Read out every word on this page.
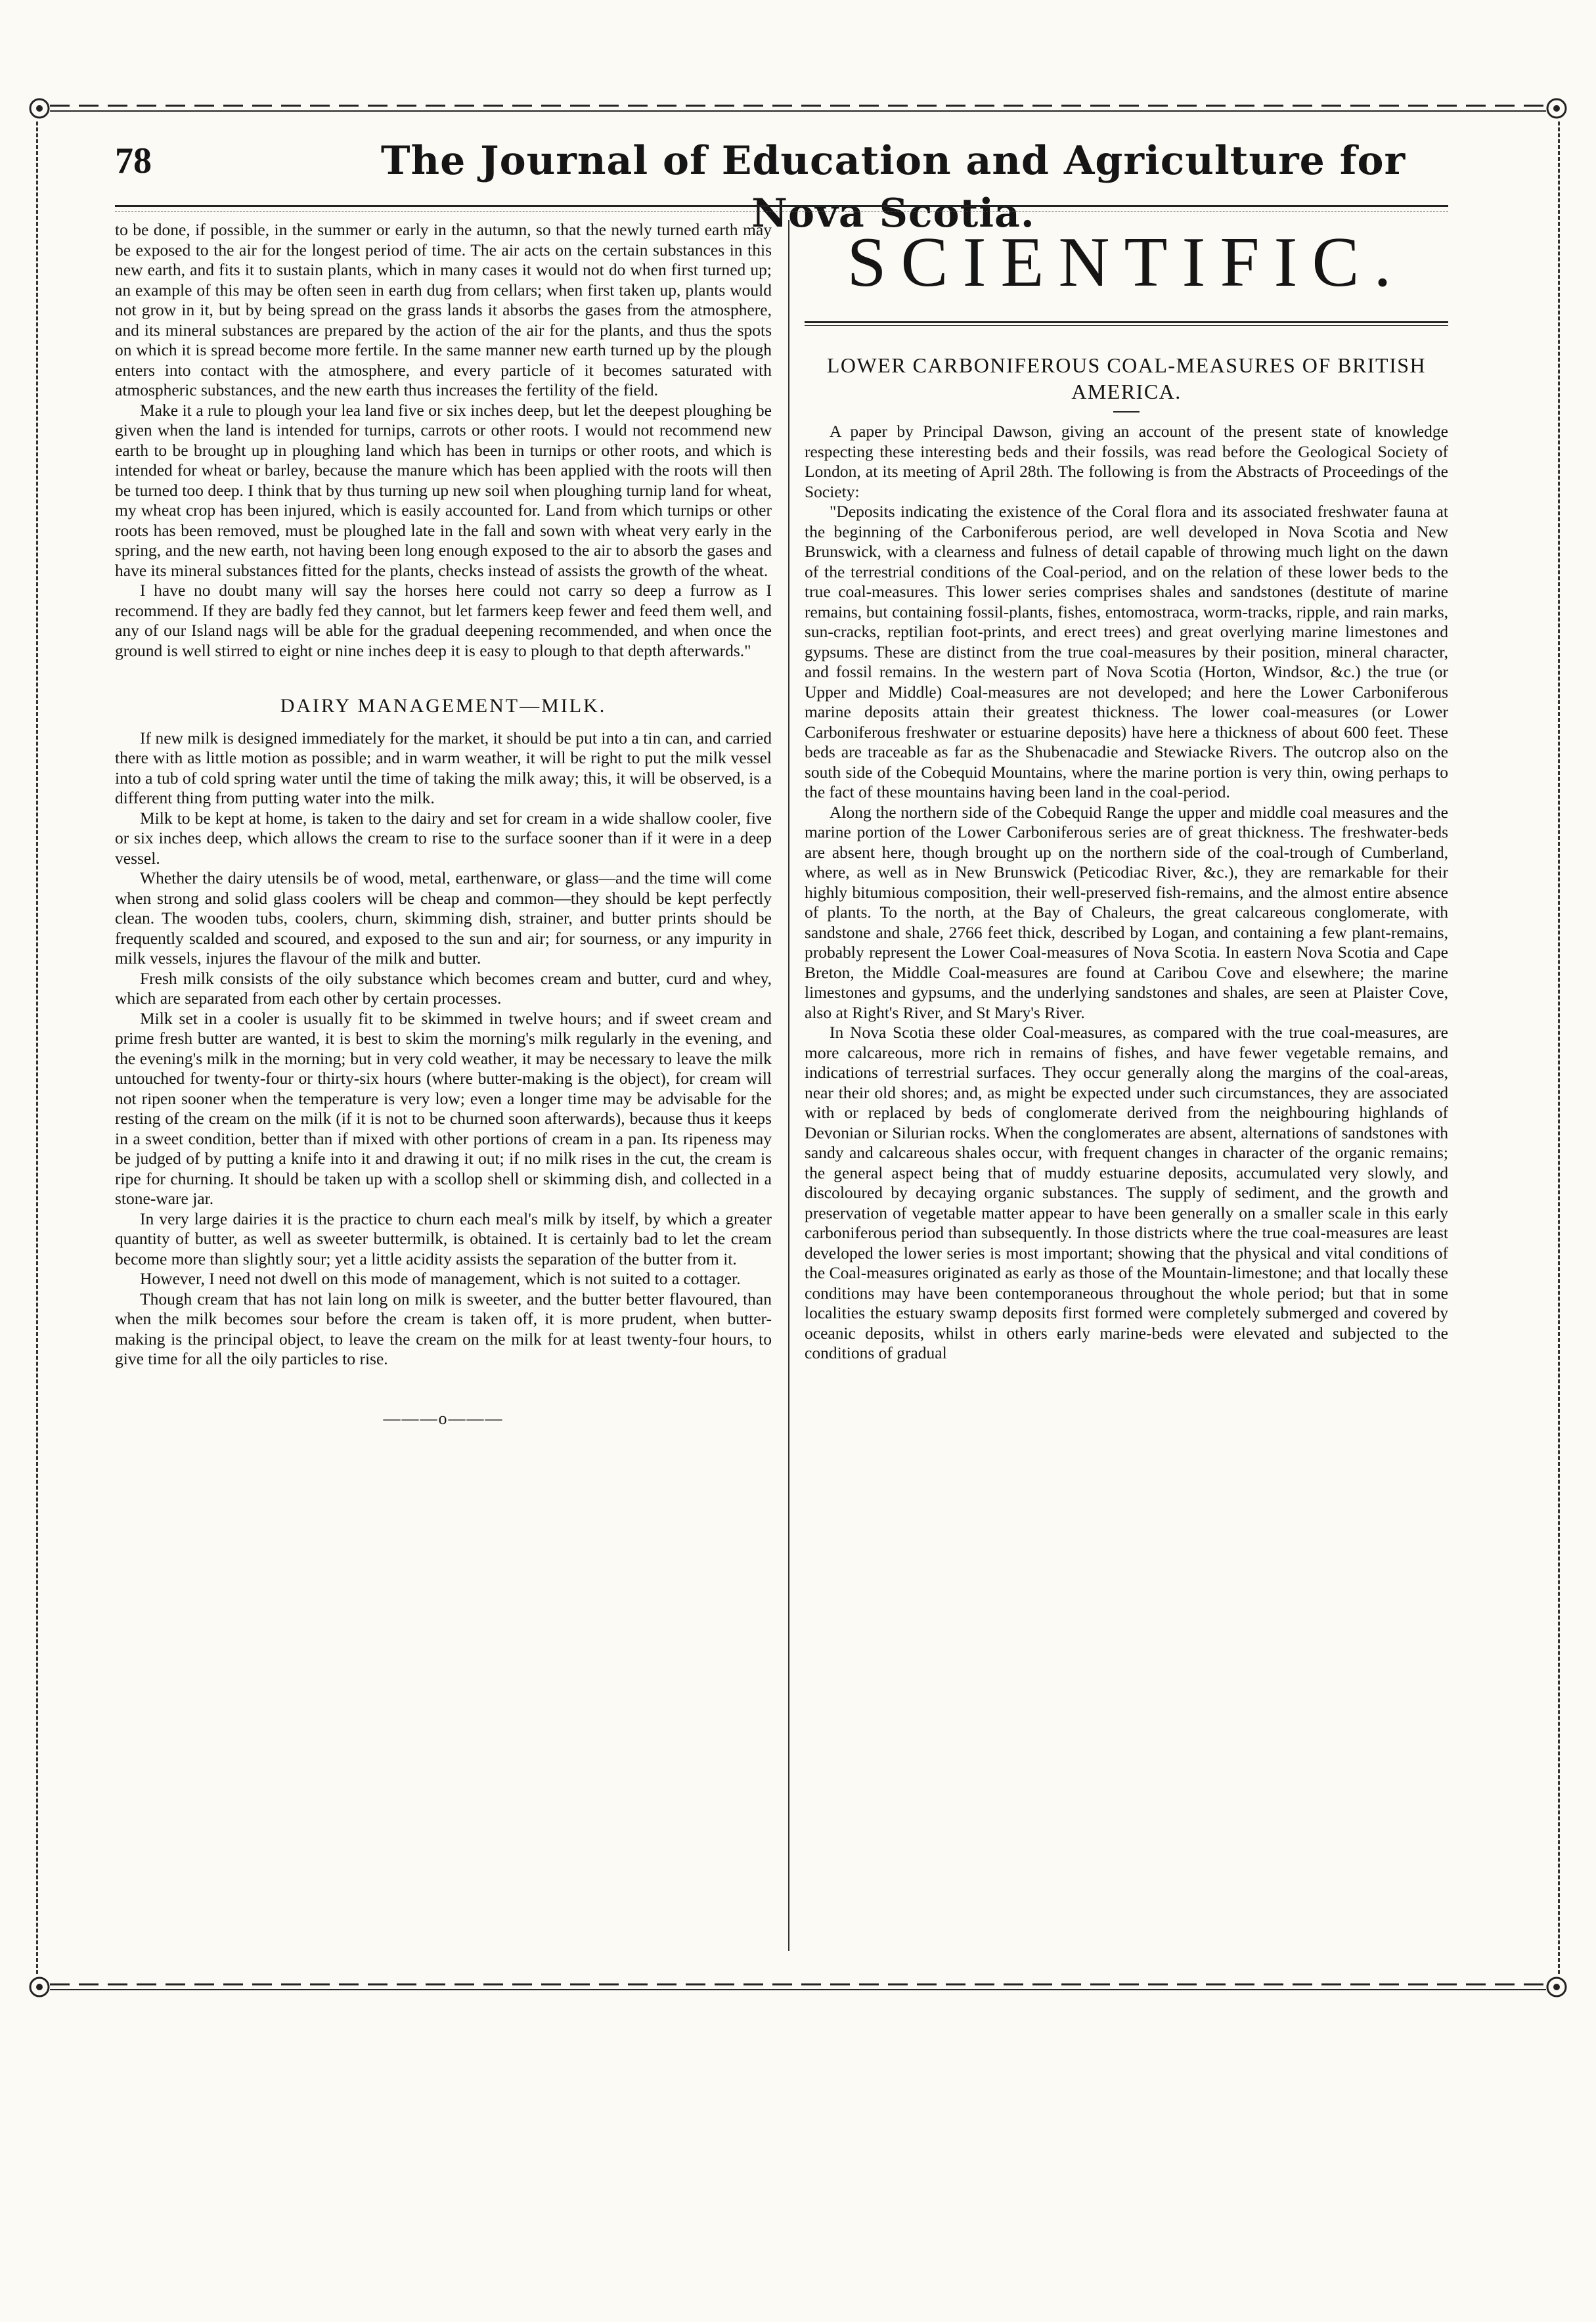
78	The Journal of Education and Agriculture for Nova Scotia.

to be done, if possible, in the summer or early in the autumn, so that the newly turned earth may be exposed to the air for the longest period of time. The air acts on the certain substances in this new earth, and fits it to sustain plants, which in many cases it would not do when first turned up; an example of this may be often seen in earth dug from cellars; when first taken up, plants would not grow in it, but by being spread on the grass lands it absorbs the gases from the atmosphere, and its mineral substances are prepared by the action of the air for the plants, and thus the spots on which it is spread become more fertile. In the same manner new earth turned up by the plough enters into contact with the atmosphere, and every particle of it becomes saturated with atmospheric substances, and the new earth thus increases the fertility of the field.

Make it a rule to plough your lea land five or six inches deep, but let the deepest ploughing be given when the land is intended for turnips, carrots or other roots. I would not recommend new earth to be brought up in ploughing land which has been in turnips or other roots, and which is intended for wheat or barley, because the manure which has been applied with the roots will then be turned too deep. I think that by thus turning up new soil when ploughing turnip land for wheat, my wheat crop has been injured, which is easily accounted for. Land from which turnips or other roots has been removed, must be ploughed late in the fall and sown with wheat very early in the spring, and the new earth, not having been long enough exposed to the air to absorb the gases and have its mineral substances fitted for the plants, checks instead of assists the growth of the wheat.

I have no doubt many will say the horses here could not carry so deep a furrow as I recommend. If they are badly fed they cannot, but let farmers keep fewer and feed them well, and any of our Island nags will be able for the gradual deepening recommended, and when once the ground is well stirred to eight or nine inches deep it is easy to plough to that depth afterwards."

DAIRY MANAGEMENT—MILK.

If new milk is designed immediately for the market, it should be put into a tin can, and carried there with as little motion as possible; and in warm weather, it will be right to put the milk vessel into a tub of cold spring water until the time of taking the milk away; this, it will be observed, is a different thing from putting water into the milk.

Milk to be kept at home, is taken to the dairy and set for cream in a wide shallow cooler, five or six inches deep, which allows the cream to rise to the surface sooner than if it were in a deep vessel.

Whether the dairy utensils be of wood, metal, earthenware, or glass—and the time will come when strong and solid glass coolers will be cheap and common—they should be kept perfectly clean. The wooden tubs, coolers, churn, skimming dish, strainer, and butter prints should be frequently scalded and scoured, and exposed to the sun and air; for sourness, or any impurity in milk vessels, injures the flavour of the milk and butter.

Fresh milk consists of the oily substance which becomes cream and butter, curd and whey, which are separated from each other by certain processes.

Milk set in a cooler is usually fit to be skimmed in twelve hours; and if sweet cream and prime fresh butter are wanted, it is best to skim the morning's milk regularly in the evening, and the evening's milk in the morning; but in very cold weather, it may be necessary to leave the milk untouched for twenty-four or thirty-six hours (where butter-making is the object), for cream will not ripen sooner when the temperature is very low; even a longer time may be advisable for the resting of the cream on the milk (if it is not to be churned soon afterwards), because thus it keeps in a sweet condition, better than if mixed with other portions of cream in a pan. Its ripeness may be judged of by putting a knife into it and drawing it out; if no milk rises in the cut, the cream is ripe for churning. It should be taken up with a scollop shell or skimming dish, and collected in a stone-ware jar.

In very large dairies it is the practice to churn each meal's milk by itself, by which a greater quantity of butter, as well as sweeter buttermilk, is obtained. It is certainly bad to let the cream become more than slightly sour; yet a little acidity assists the separation of the butter from it.

However, I need not dwell on this mode of management, which is not suited to a cottager.

Though cream that has not lain long on milk is sweeter, and the butter better flavoured, than when the milk becomes sour before the cream is taken off, it is more prudent, when butter-making is the principal object, to leave the cream on the milk for at least twenty-four hours, to give time for all the oily particles to rise.

———o———
SCIENTIFIC.
LOWER CARBONIFEROUS COAL-MEASURES OF BRITISH AMERICA.

A paper by Principal Dawson, giving an account of the present state of knowledge respecting these interesting beds and their fossils, was read before the Geological Society of London, at its meeting of April 28th. The following is from the Abstracts of Proceedings of the Society:

"Deposits indicating the existence of the Coral flora and its associated freshwater fauna at the beginning of the Carboniferous period, are well developed in Nova Scotia and New Brunswick, with a clearness and fulness of detail capable of throwing much light on the dawn of the terrestrial conditions of the Coal-period, and on the relation of these lower beds to the true coal-measures. This lower series comprises shales and sandstones (destitute of marine remains, but containing fossil-plants, fishes, entomostraca, worm-tracks, ripple, and rain marks, sun-cracks, reptilian foot-prints, and erect trees) and great overlying marine limestones and gypsums. These are distinct from the true coal-measures by their position, mineral character, and fossil remains. In the western part of Nova Scotia (Horton, Windsor, &c.) the true (or Upper and Middle) Coal-measures are not developed; and here the Lower Carboniferous marine deposits attain their greatest thickness. The lower coal-measures (or Lower Carboniferous freshwater or estuarine deposits) have here a thickness of about 600 feet. These beds are traceable as far as the Shubenacadie and Stewiacke Rivers. The outcrop also on the south side of the Cobequid Mountains, where the marine portion is very thin, owing perhaps to the fact of these mountains having been land in the coal-period.

Along the northern side of the Cobequid Range the upper and middle coal measures and the marine portion of the Lower Carboniferous series are of great thickness. The freshwater-beds are absent here, though brought up on the northern side of the coal-trough of Cumberland, where, as well as in New Brunswick (Peticodiac River, &c.), they are remarkable for their highly bitumious composition, their well-preserved fish-remains, and the almost entire absence of plants. To the north, at the Bay of Chaleurs, the great calcareous conglomerate, with sandstone and shale, 2766 feet thick, described by Logan, and containing a few plant-remains, probably represent the Lower Coal-measures of Nova Scotia. In eastern Nova Scotia and Cape Breton, the Middle Coal-measures are found at Caribou Cove and elsewhere; the marine limestones and gypsums, and the underlying sandstones and shales, are seen at Plaister Cove, also at Right's River, and St Mary's River.

In Nova Scotia these older Coal-measures, as compared with the true coal-measures, are more calcareous, more rich in remains of fishes, and have fewer vegetable remains, and indications of terrestrial surfaces. They occur generally along the margins of the coal-areas, near their old shores; and, as might be expected under such circumstances, they are associated with or replaced by beds of conglomerate derived from the neighbouring highlands of Devonian or Silurian rocks. When the conglomerates are absent, alternations of sandstones with sandy and calcareous shales occur, with frequent changes in character of the organic remains; the general aspect being that of muddy estuarine deposits, accumulated very slowly, and discoloured by decaying organic substances. The supply of sediment, and the growth and preservation of vegetable matter appear to have been generally on a smaller scale in this early carboniferous period than subsequently. In those districts where the true coal-measures are least developed the lower series is most important; showing that the physical and vital conditions of the Coal-measures originated as early as those of the Mountain-limestone; and that locally these conditions may have been contemporaneous throughout the whole period; but that in some localities the estuary swamp deposits first formed were completely submerged and covered by oceanic deposits, whilst in others early marine-beds were elevated and subjected to the conditions of gradual
